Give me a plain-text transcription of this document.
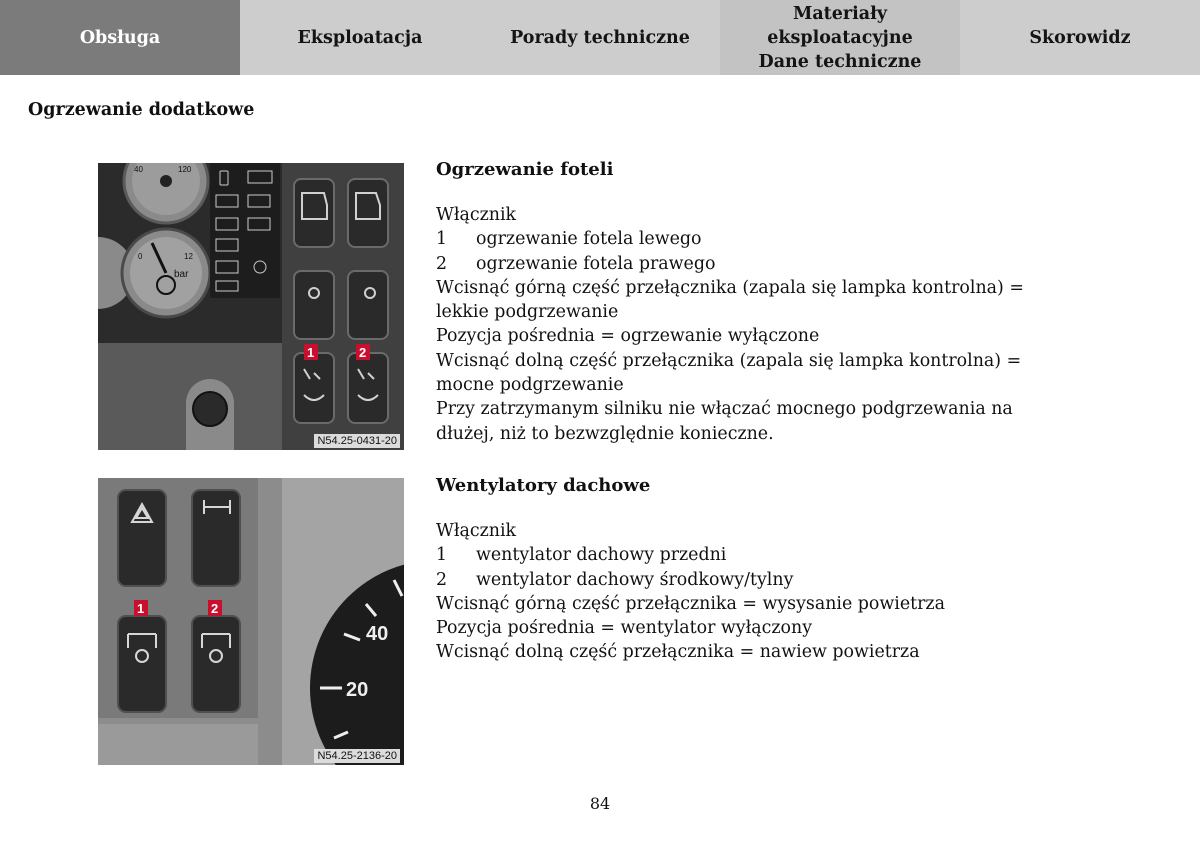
Obsługa	Eksploatacja	Porady techniczne
Materiały eksploatacyjne
Dane techniczne
Skorowidz
Ogrzewanie dodatkowe
40	120
0	12
bar
1	2
N54.25-0431-20
40
20
1	2
N54.25-2136-20
Ogrzewanie foteli
Włącznik
1	ogrzewanie fotela lewego
2	ogrzewanie fotela prawego
Wcisnąć górną część przełącznika (zapala się lampka kontrolna) = lekkie podgrzewanie
Pozycja pośrednia = ogrzewanie wyłączone
Wcisnąć dolną część przełącznika (zapala się lampka kontrolna) = mocne podgrzewanie
Przy zatrzymanym silniku nie włączać mocnego podgrzewania na dłużej, niż to bezwzględnie konieczne.
Wentylatory dachowe
Włącznik
1	wentylator dachowy przedni
2	wentylator dachowy środkowy/tylny
Wcisnąć górną część przełącznika = wysysanie powietrza
Pozycja pośrednia = wentylator wyłączony
Wcisnąć dolną część przełącznika = nawiew powietrza
84
